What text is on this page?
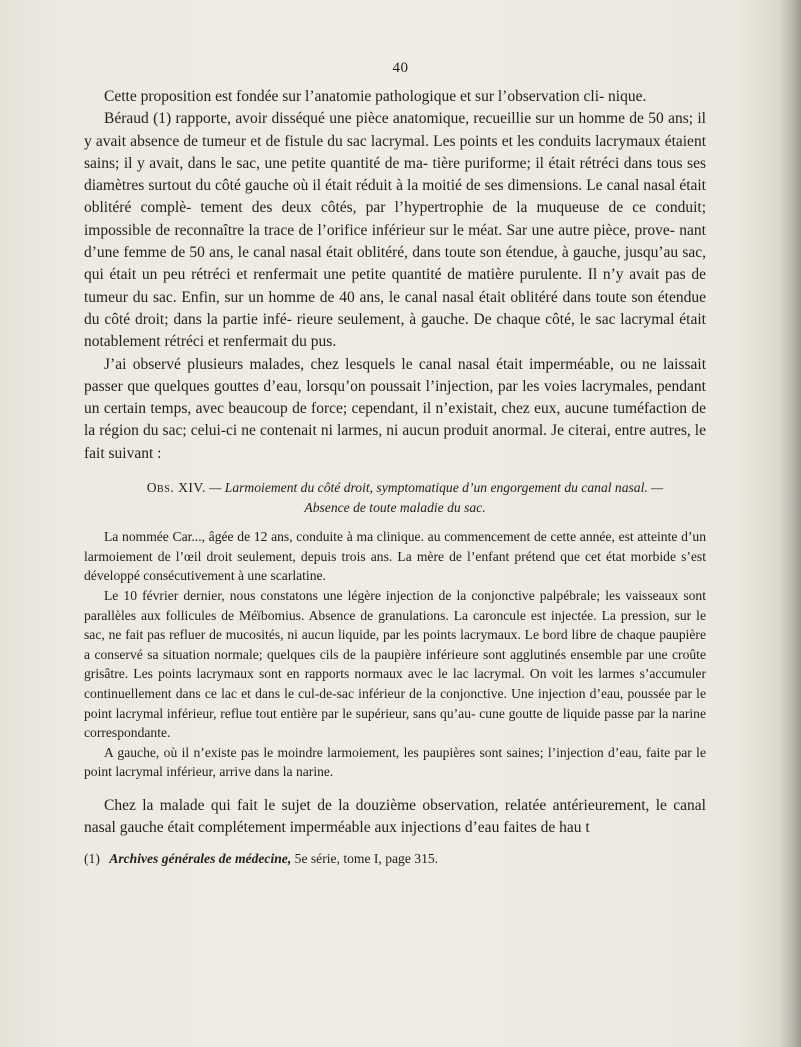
40

Cette proposition est fondée sur l’anatomie pathologique et sur l’observation cli- nique.

Béraud (1) rapporte, avoir disséqué une pièce anatomique, recueillie sur un homme de 50 ans; il y avait absence de tumeur et de fistule du sac lacrymal. Les points et les conduits lacrymaux étaient sains; il y avait, dans le sac, une petite quantité de ma- tière puriforme; il était rétréci dans tous ses diamètres surtout du côté gauche où il était réduit à la moitié de ses dimensions. Le canal nasal était oblitéré complè- tement des deux côtés, par l’hypertrophie de la muqueuse de ce conduit; impossible de reconnaître la trace de l’orifice inférieur sur le méat. Sar une autre pièce, prove- nant d’une femme de 50 ans, le canal nasal était oblitéré, dans toute son étendue, à gauche, jusqu’au sac, qui était un peu rétréci et renfermait une petite quantité de matière purulente. Il n’y avait pas de tumeur du sac. Enfin, sur un homme de 40 ans, le canal nasal était oblitéré dans toute son étendue du côté droit; dans la partie infé- rieure seulement, à gauche. De chaque côté, le sac lacrymal était notablement rétréci et renfermait du pus.

J’ai observé plusieurs malades, chez lesquels le canal nasal était imperméable, ou ne laissait passer que quelques gouttes d’eau, lorsqu’on poussait l’injection, par les voies lacrymales, pendant un certain temps, avec beaucoup de force; cependant, il n’existait, chez eux, aucune tuméfaction de la région du sac; celui-ci ne contenait ni larmes, ni aucun produit anormal. Je citerai, entre autres, le fait suivant :

Obs. XIV. — Larmoiement du côté droit, symptomatique d’un engorgement du canal nasal. —
Absence de toute maladie du sac.

La nommée Car..., âgée de 12 ans, conduite à ma clinique. au commencement de cette année, est atteinte d’un larmoiement de l’œil droit seulement, depuis trois ans. La mère de l’enfant prétend que cet état morbide s’est développé consécutivement à une scarlatine.

Le 10 février dernier, nous constatons une légère injection de la conjonctive palpébrale; les vaisseaux sont parallèles aux follicules de Méïbomius. Absence de granulations. La caroncule est injectée. La pression, sur le sac, ne fait pas refluer de mucosités, ni aucun liquide, par les points lacrymaux. Le bord libre de chaque paupière a conservé sa situation normale; quelques cils de la paupière inférieure sont agglutinés ensemble par une croûte grisâtre. Les points lacrymaux sont en rapports normaux avec le lac lacrymal. On voit les larmes s’accumuler continuellement dans ce lac et dans le cul-de-sac inférieur de la conjonctive. Une injection d’eau, poussée par le point lacrymal inférieur, reflue tout entière par le supérieur, sans qu’au- cune goutte de liquide passe par la narine correspondante.

A gauche, où il n’existe pas le moindre larmoiement, les paupières sont saines; l’injection d’eau, faite par le point lacrymal inférieur, arrive dans la narine.

Chez la malade qui fait le sujet de la douzième observation, relatée antérieurement, le canal nasal gauche était complétement imperméable aux injections d’eau faites de hau t

(1) Archives générales de médecine, 5e série, tome I, page 315.
